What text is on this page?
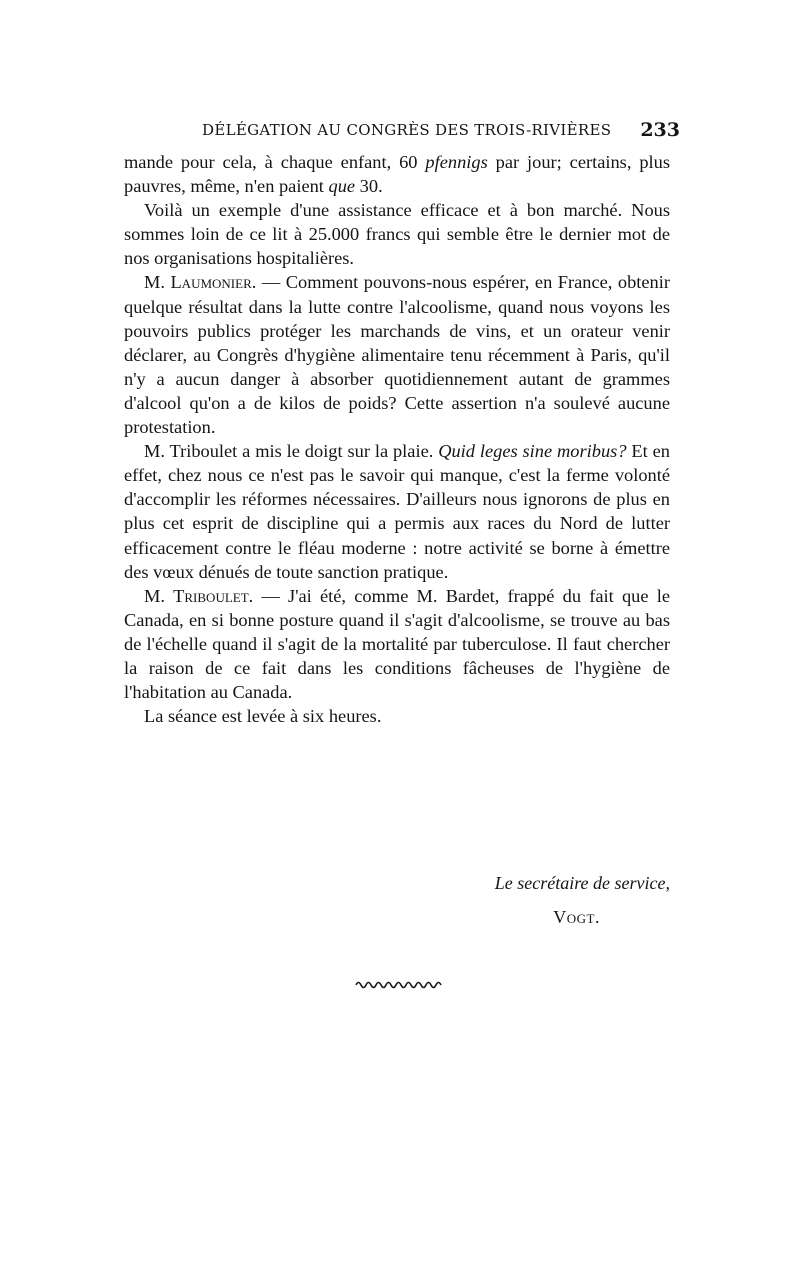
DÉLÉGATION AU CONGRÈS DES TROIS-RIVIÈRES 233

mande pour cela, à chaque enfant, 60 pfennigs par jour; certains, plus pauvres, même, n'en paient que 30.

Voilà un exemple d'une assistance efficace et à bon marché. Nous sommes loin de ce lit à 25.000 francs qui semble être le dernier mot de nos organisations hospitalières.

M. Laumonier. — Comment pouvons-nous espérer, en France, obtenir quelque résultat dans la lutte contre l'alcoolisme, quand nous voyons les pouvoirs publics protéger les marchands de vins, et un orateur venir déclarer, au Congrès d'hygiène alimentaire tenu récemment à Paris, qu'il n'y a aucun danger à absorber quotidiennement autant de grammes d'alcool qu'on a de kilos de poids? Cette assertion n'a soulevé aucune protestation.

M. Triboulet a mis le doigt sur la plaie. Quid leges sine moribus? Et en effet, chez nous ce n'est pas le savoir qui manque, c'est la ferme volonté d'accomplir les réformes nécessaires. D'ailleurs nous ignorons de plus en plus cet esprit de discipline qui a permis aux races du Nord de lutter efficacement contre le fléau moderne : notre activité se borne à émettre des vœux dénués de toute sanction pratique.

M. Triboulet. — J'ai été, comme M. Bardet, frappé du fait que le Canada, en si bonne posture quand il s'agit d'alcoolisme, se trouve au bas de l'échelle quand il s'agit de la mortalité par tuberculose. Il faut chercher la raison de ce fait dans les conditions fâcheuses de l'hygiène de l'habitation au Canada.

La séance est levée à six heures.

Le secrétaire de service,
Vogt.
